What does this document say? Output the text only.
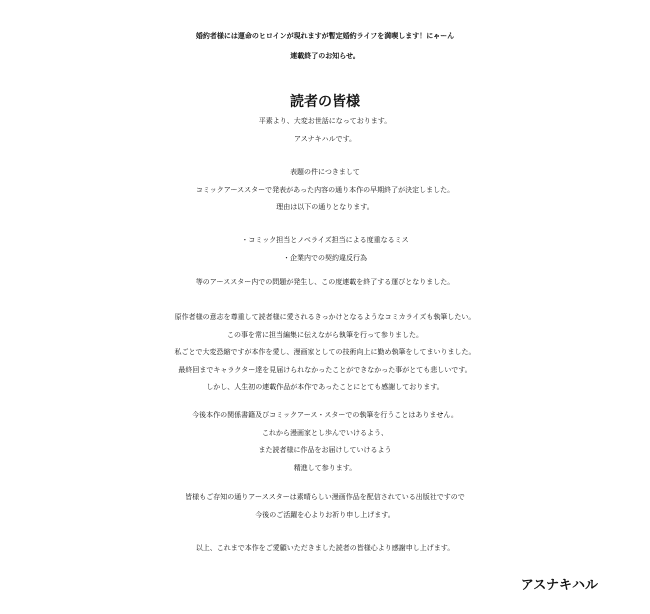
婚約者様には運命のヒロインが現れますが暫定婚約ライフを満喫します！にゃーん
連載終了のお知らせ。
読者の皆様
平素より、大変お世話になっております。
アスナキハルです。
表題の件につきまして
コミックアーススターで発表があった内容の通り本作の早期終了が決定しました。
理由は以下の通りとなります。
・コミック担当とノベライズ担当による度重なるミス
・企業内での契約違反行為
等のアーススター内での問題が発生し、この度連載を終了する運びとなりました。
原作者様の意志を尊重して読者様に愛されるきっかけとなるようなコミカライズも執筆したい。
この事を常に担当編集に伝えながら執筆を行って参りました。
私ごとで大変恐縮ですが本作を愛し、漫画家としての技術向上に勤め執筆をしてまいりました。
最終回までキャラクター達を見届けられなかったことができなかった事がとても悲しいです。
しかし、人生初の連載作品が本作であったことにとても感謝しております。
今後本作の関係書籍及びコミックアース・スターでの執筆を行うことはありません。
これから漫画家とし歩んでいけるよう、
また読者様に作品をお届けしていけるよう
精進して参ります。
皆様もご存知の通りアーススターは素晴らしい漫画作品を配信されている出版社ですので
今後のご活躍を心よりお祈り申し上げます。
以上、これまで本作をご愛顧いただきました読者の皆様心より感謝申し上げます。
アスナキハル
